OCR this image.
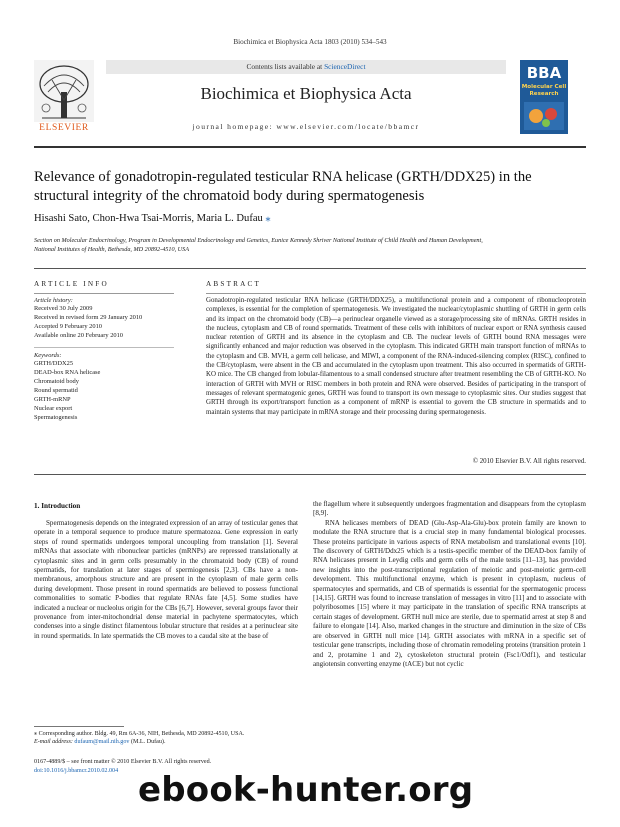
Biochimica et Biophysica Acta 1803 (2010) 534–543
ELSEVIER
Contents lists available at ScienceDirect
Biochimica et Biophysica Acta
journal homepage: www.elsevier.com/locate/bbamcr
BBA
Molecular Cell
Research
Relevance of gonadotropin-regulated testicular RNA helicase (GRTH/DDX25) in the structural integrity of the chromatoid body during spermatogenesis
Hisashi Sato, Chon-Hwa Tsai-Morris, Maria L. Dufau ⁎
Section on Molecular Endocrinology, Program in Developmental Endocrinology and Genetics, Eunice Kennedy Shriver National Institute of Child Health and Human Development,
National Institutes of Health, Bethesda, MD 20892-4510, USA
ARTICLE INFO
Article history:
Received 30 July 2009
Received in revised form 29 January 2010
Accepted 9 February 2010
Available online 20 February 2010
Keywords:
GRTH/DDX25
DEAD-box RNA helicase
Chromatoid body
Round spermatid
GRTH-mRNP
Nuclear export
Spermatogenesis
ABSTRACT
Gonadotropin-regulated testicular RNA helicase (GRTH/DDX25), a multifunctional protein and a component of ribonucleoprotein complexes, is essential for the completion of spermatogenesis. We investigated the nuclear/cytoplasmic shuttling of GRTH in germ cells and its impact on the chromatoid body (CB)—a perinuclear organelle viewed as a storage/processing site of mRNAs. GRTH resides in the nucleus, cytoplasm and CB of round spermatids. Treatment of these cells with inhibitors of nuclear export or RNA synthesis caused nuclear retention of GRTH and its absence in the cytoplasm and CB. The nuclear levels of GRTH bound RNA messages were significantly enhanced and major reduction was observed in the cytoplasm. This indicated GRTH main transport function of mRNAs to the cytoplasm and CB. MVH, a germ cell helicase, and MIWI, a component of the RNA-induced-silencing complex (RISC), confined to the CB/cytoplasm, were absent in the CB and accumulated in the cytoplasm upon treatment. This also occurred in spermatids of GRTH-KO mice. The CB changed from lobular-filamentous to a small condensed structure after treatment resembling the CB of GRTH-KO. No interaction of GRTH with MVH or RISC members in both protein and RNA were observed. Besides of participating in the transport of messages of relevant spermatogenic genes, GRTH was found to transport its own message to cytoplasmic sites. Our studies suggest that GRTH through its export/transport function as a component of mRNP is essential to govern the CB structure in spermatids and to maintain systems that may participate in mRNA storage and their processing during spermatogenesis.
© 2010 Elsevier B.V. All rights reserved.
1. Introduction

Spermatogenesis depends on the integrated expression of an array of testicular genes that operate in a temporal sequence to produce mature spermatozoa. Gene expression in early steps of round spermatids undergoes temporal uncoupling from translation [1]. Several mRNAs that associate with ribonuclear particles (mRNPs) are repressed translationally at cytoplasmic sites and in germ cells presumably in the chromatoid body (CB) of round spermatids, for translation at later stages of spermiogenesis [2,3]. CBs have a non-membranous, amorphous structure and are present in the cytoplasm of male germ cells during development. Those present in round spermatids are believed to possess functional commonalities to somatic P-bodies that regulate RNAs fate [4,5]. Some studies have indicated a nuclear or nucleolus origin for the CBs [6,7]. However, several groups favor their provenance from inter-mitochondrial dense material in pachytene spermatocytes, which condenses into a single distinct filamentous lobular structure that resides at a perinuclear site in round spermatids. In late spermatids the CB moves to a caudal site at the base of

the flagellum where it subsequently undergoes fragmentation and disappears from the cytoplasm [8,9].

RNA helicases members of DEAD (Glu-Asp-Ala-Glu)-box protein family are known to modulate the RNA structure that is a crucial step in many fundamental biological processes. These proteins participate in various aspects of RNA metabolism and translational events [10]. The discovery of GRTH/Ddx25 which is a testis-specific member of the DEAD-box family of RNA helicases present in Leydig cells and germ cells of the male testis [11–13], has provided new insights into the post-transcriptional regulation of meiotic and post-meiotic germ-cell development. This multifunctional enzyme, which is present in cytoplasm, nucleus of spermatocytes and spermatids, and CB of spermatids is essential for the spermatogenic process [14,15]. GRTH was found to increase translation of messages in vitro [11] and to associate with polyribosomes [15] where it may participate in the translation of specific RNA transcripts at certain stages of development. GRTH null mice are sterile, due to spermatid arrest at step 8 and failure to elongate [14]. Also, marked changes in the structure and diminution in the size of CBs are observed in GRTH null mice [14]. GRTH associates with mRNA in a specific set of testicular gene transcripts, including those of chromatin remodeling proteins (transition protein 1 and 2, protamine 1 and 2), cytoskeleton structural protein (Fsc1/Odf1), and testicular angiotensin converting enzyme (tACE) but not cyclic

⁎ Corresponding author. Bldg. 49, Rm 6A-36, NIH, Bethesda, MD 20892-4510, USA.
E-mail address: dufaum@mail.nih.gov (M.L. Dufau).
0167-4889/$ – see front matter © 2010 Elsevier B.V. All rights reserved.
doi:10.1016/j.bbamcr.2010.02.004 ebook-hunter.org
